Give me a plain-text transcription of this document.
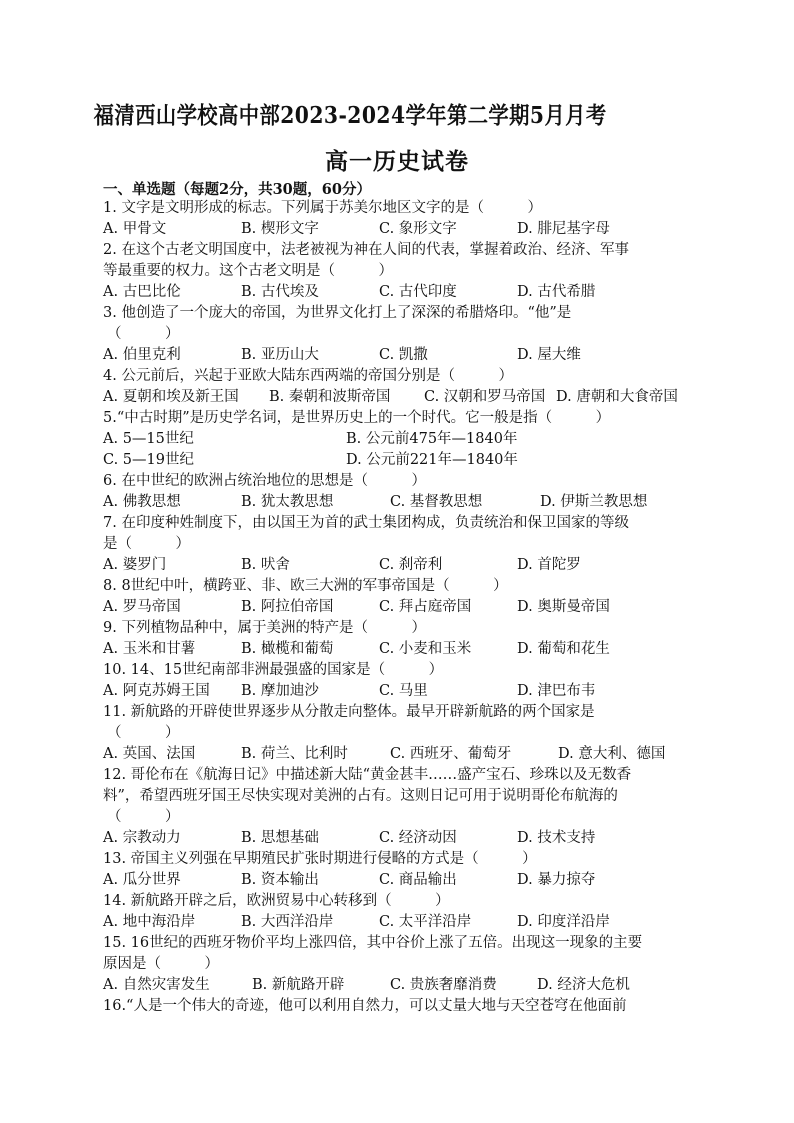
福清西山学校高中部2023-2024学年第二学期5月月考
高一历史试卷
一、单选题（每题2分，共30题，60分）
1. 文字是文明形成的标志。下列属于苏美尔地区文字的是（　　　）
A. 甲骨文	B. 楔形文字	C. 象形文字	D. 腓尼基字母
2. 在这个古老文明国度中，法老被视为神在人间的代表，掌握着政治、经济、军事
等最重要的权力。这个古老文明是（　　　）
A. 古巴比伦	B. 古代埃及	C. 古代印度	D. 古代希腊
3. 他创造了一个庞大的帝国，为世界文化打上了深深的希腊烙印。“他”是
（　　　）
A. 伯里克利	B. 亚历山大	C. 凯撒	D. 屋大维
4. 公元前后，兴起于亚欧大陆东西两端的帝国分别是（　　　）
A. 夏朝和埃及新王国 B. 秦朝和波斯帝国 C. 汉朝和罗马帝国 D. 唐朝和大食帝国
5.“中古时期”是历史学名词，是世界历史上的一个时代。它一般是指（　　　）
A. 5—15世纪	B. 公元前475年—1840年
C. 5—19世纪	D. 公元前221年—1840年
6. 在中世纪的欧洲占统治地位的思想是（　　　）
A. 佛教思想	B. 犹太教思想	C. 基督教思想	D. 伊斯兰教思想
7. 在印度种姓制度下，由以国王为首的武士集团构成，负责统治和保卫国家的等级
是（　　　）
A. 婆罗门	B. 吠舍	C. 刹帝利	D. 首陀罗
8. 8世纪中叶，横跨亚、非、欧三大洲的军事帝国是（　　　）
A. 罗马帝国	B. 阿拉伯帝国	C. 拜占庭帝国	D. 奥斯曼帝国
9. 下列植物品种中，属于美洲的特产是（　　　）
A. 玉米和甘薯	B. 橄榄和葡萄	C. 小麦和玉米	D. 葡萄和花生
10. 14、15世纪南部非洲最强盛的国家是（　　　）
A. 阿克苏姆王国 B. 摩加迪沙	C. 马里	D. 津巴布韦
11. 新航路的开辟使世界逐步从分散走向整体。最早开辟新航路的两个国家是
（　　　）
A. 英国、法国	B. 荷兰、比利时	C. 西班牙、葡萄牙	D. 意大利、德国
12. 哥伦布在《航海日记》中描述新大陆“黄金甚丰……盛产宝石、珍珠以及无数香
料”，希望西班牙国王尽快实现对美洲的占有。这则日记可用于说明哥伦布航海的
（　　　）
A. 宗教动力	B. 思想基础	C. 经济动因	D. 技术支持
13. 帝国主义列强在早期殖民扩张时期进行侵略的方式是（　　　）
A. 瓜分世界	B. 资本输出	C. 商品输出	D. 暴力掠夺
14. 新航路开辟之后，欧洲贸易中心转移到（　　　）
A. 地中海沿岸	B. 大西洋沿岸	C. 太平洋沿岸	D. 印度洋沿岸
15. 16世纪的西班牙物价平均上涨四倍，其中谷价上涨了五倍。出现这一现象的主要
原因是（　　　）
A. 自然灾害发生	B. 新航路开辟	C. 贵族奢靡消费	D. 经济大危机
16.“人是一个伟大的奇迹，他可以利用自然力，可以丈量大地与天空苍穹在他面前
